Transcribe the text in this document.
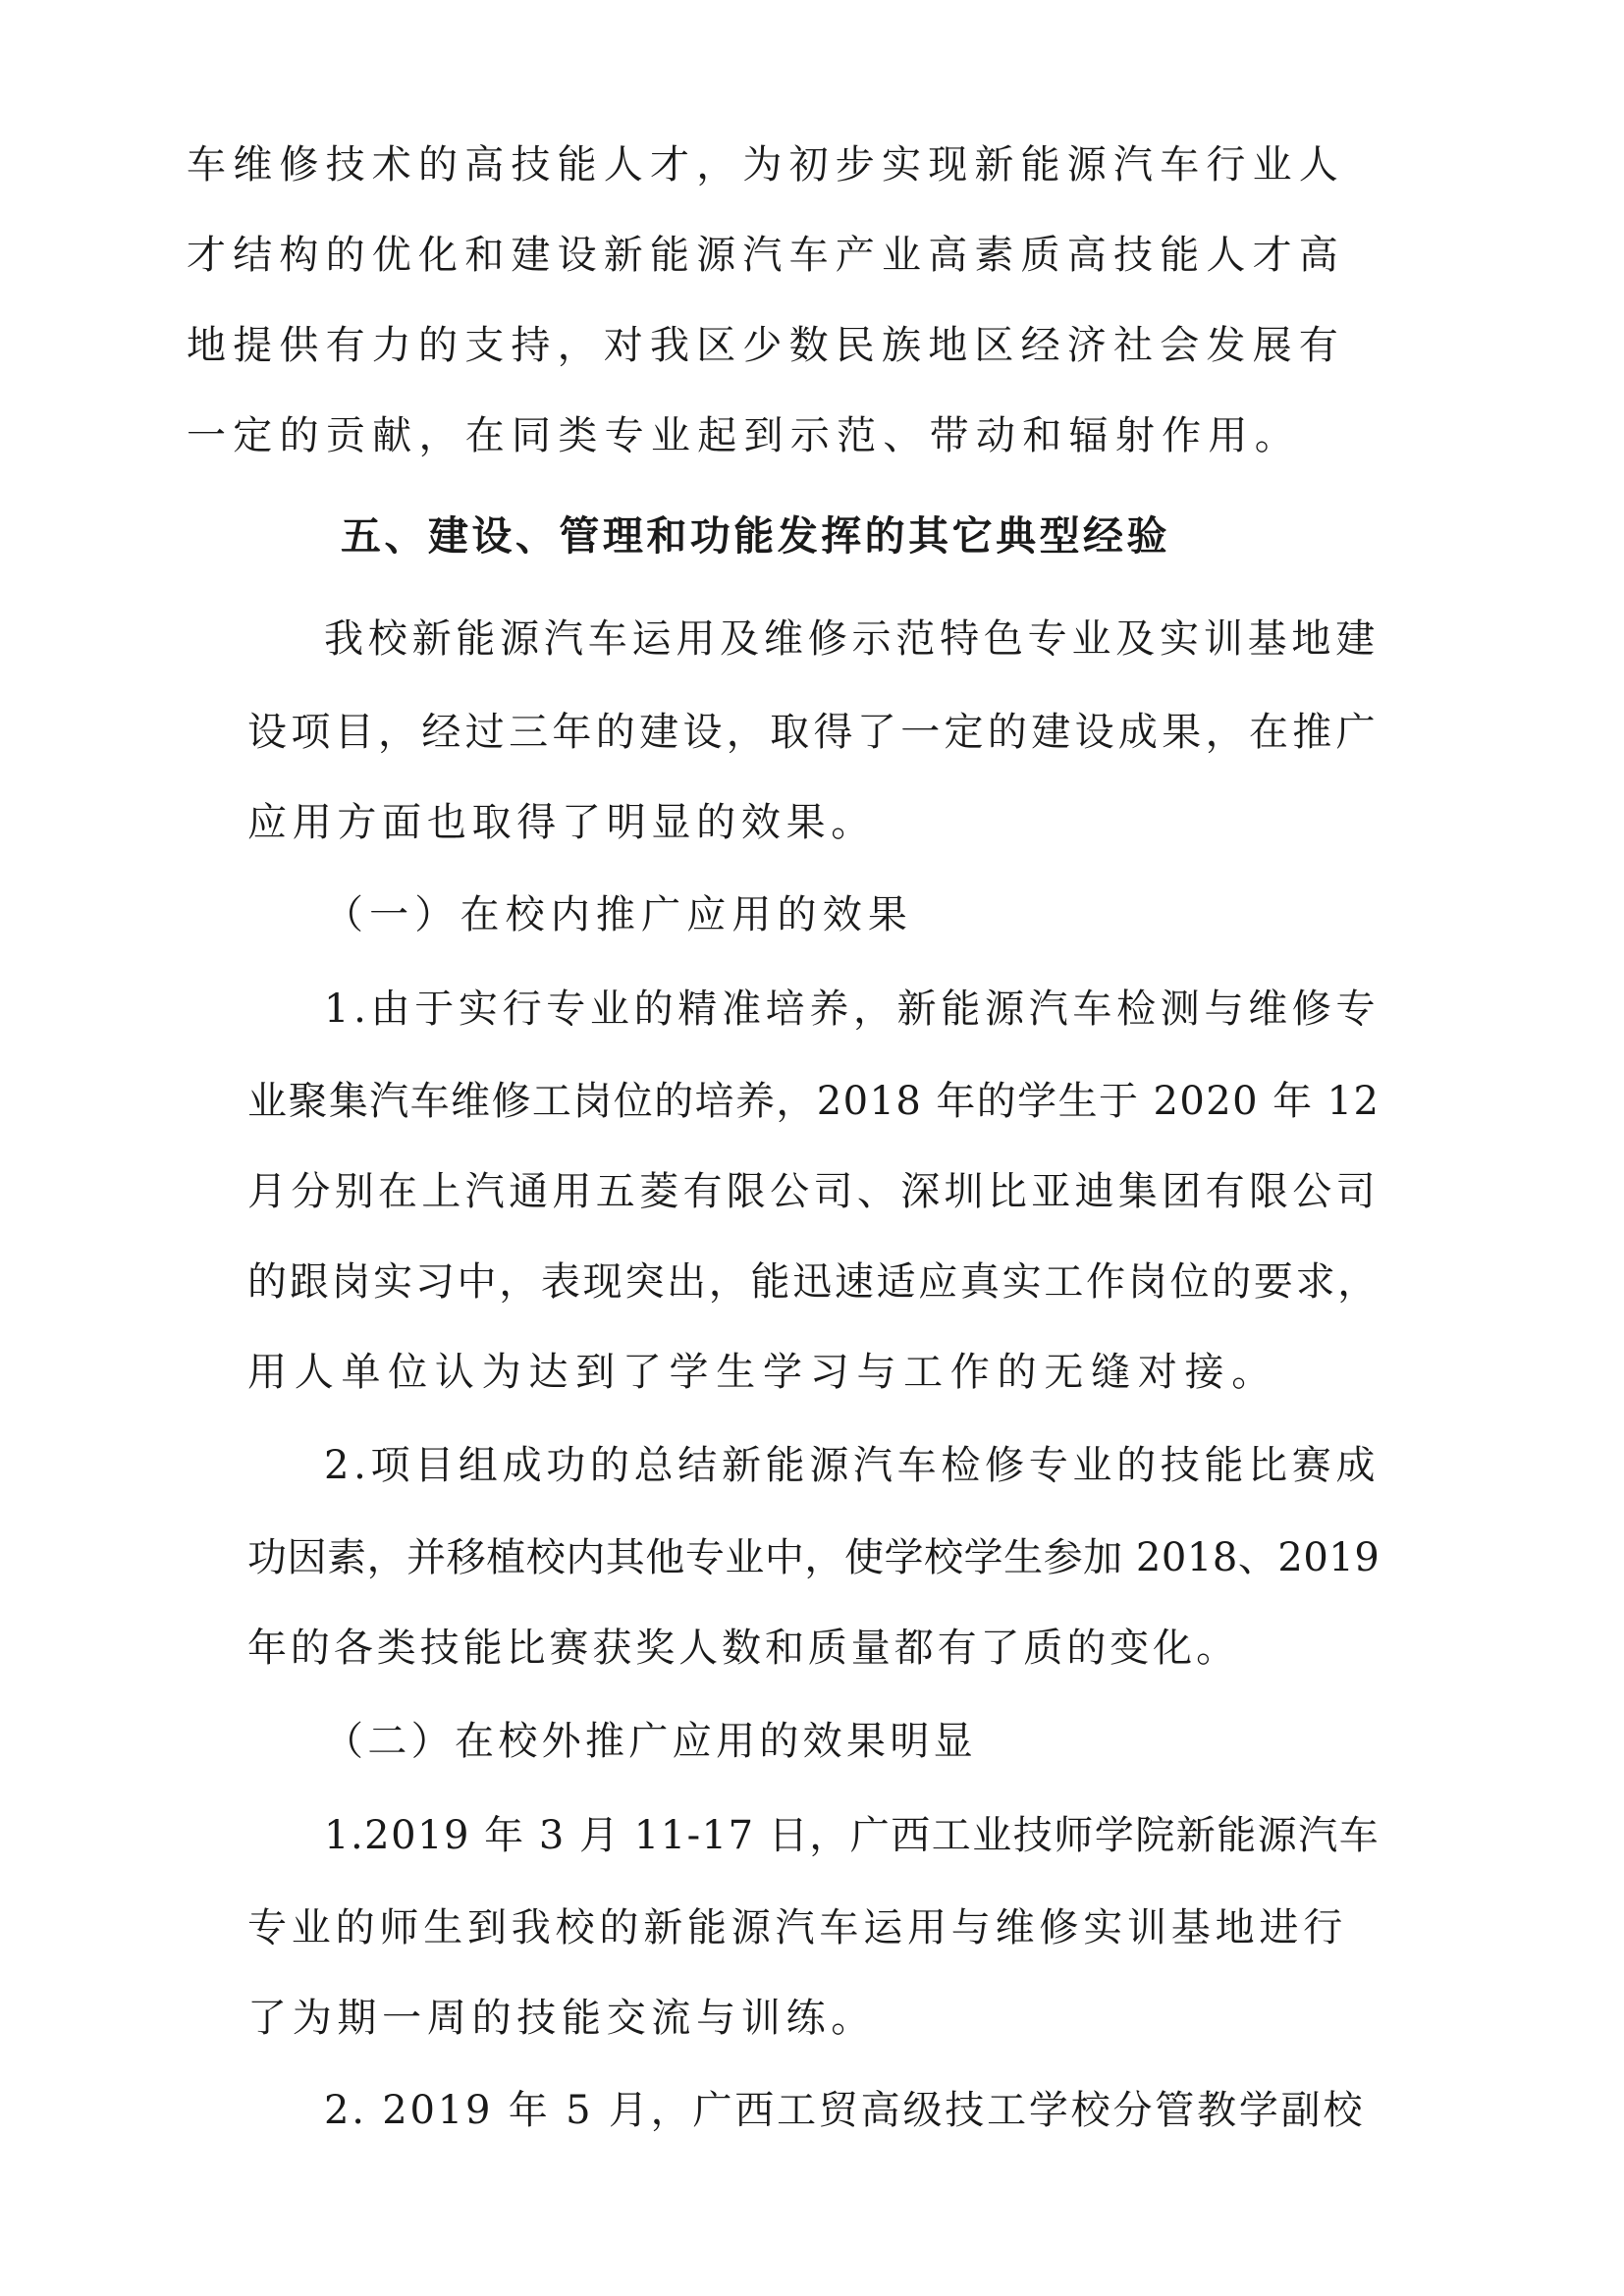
车维修技术的高技能人才，为初步实现新能源汽车行业人
才结构的优化和建设新能源汽车产业高素质高技能人才高
地提供有力的支持，对我区少数民族地区经济社会发展有
一定的贡献，在同类专业起到示范、带动和辐射作用。
五、建设、管理和功能发挥的其它典型经验
我校新能源汽车运用及维修示范特色专业及实训基地建
设项目，经过三年的建设，取得了一定的建设成果，在推广
应用方面也取得了明显的效果。
（一）在校内推广应用的效果
1.由于实行专业的精准培养，新能源汽车检测与维修专
业聚集汽车维修工岗位的培养，2018 年的学生于 2020 年 12
月分别在上汽通用五菱有限公司、深圳比亚迪集团有限公司
的跟岗实习中，表现突出，能迅速适应真实工作岗位的要求，
用人单位认为达到了学生学习与工作的无缝对接。
2.项目组成功的总结新能源汽车检修专业的技能比赛成
功因素，并移植校内其他专业中，使学校学生参加 2018、2019
年的各类技能比赛获奖人数和质量都有了质的变化。
（二）在校外推广应用的效果明显
1.2019 年 3 月 11-17 日，广西工业技师学院新能源汽车
专业的师生到我校的新能源汽车运用与维修实训基地进行
了为期一周的技能交流与训练。
2. 2019 年 5 月，广西工贸高级技工学校分管教学副校
